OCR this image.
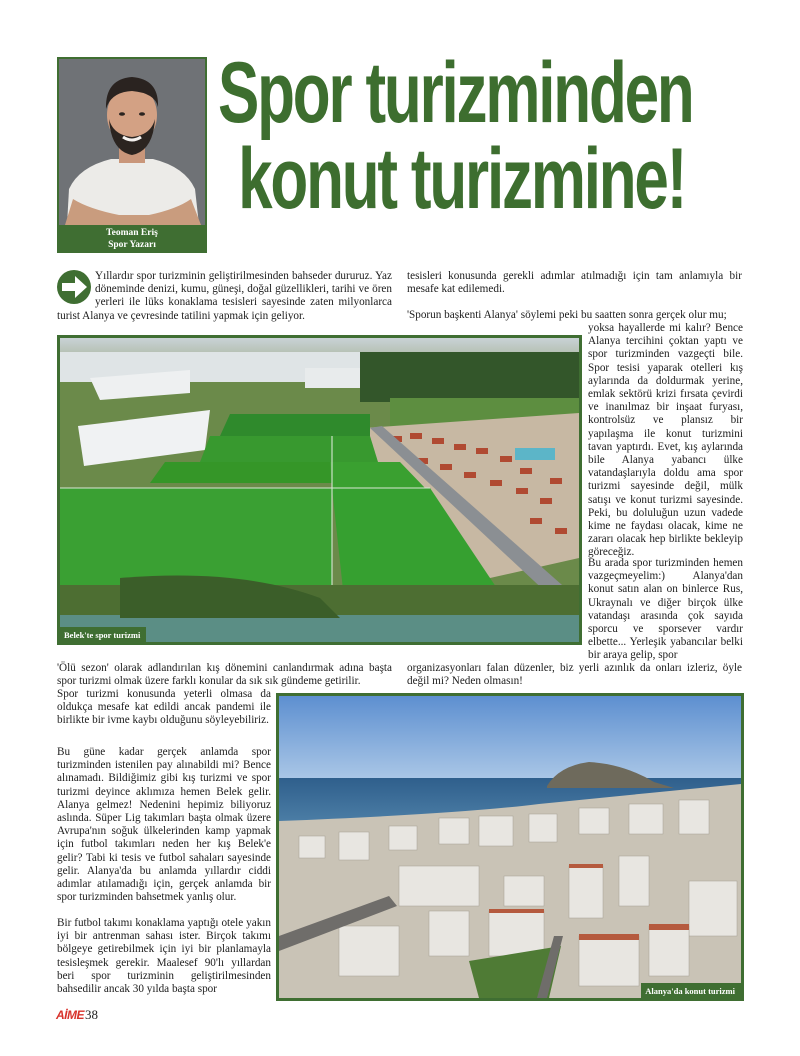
Teoman Eriş
Spor Yazarı
Spor turizminden
konut turizmine!

Yıllardır spor turizminin geliştirilmesinden bahseder dururuz. Yaz döneminde denizi, kumu, güneşi, doğal güzellikleri, tarihi ve ören yerleri ile lüks konaklama tesisleri sayesinde zaten milyonlarca turist Alanya ve çevresinde tatilini yapmak için geliyor.

tesisleri konusunda gerekli adımlar atılmadığı için tam anlamıyla bir mesafe kat edilemedi.

'Sporun başkenti Alanya' söylemi peki bu saatten sonra gerçek olur mu;

yoksa hayallerde mi kalır? Bence Alanya tercihini çoktan yaptı ve spor turizminden vazgeçti bile. Spor tesisi yaparak otelleri kış aylarında da doldurmak yerine, emlak sektörü krizi fırsata çevirdi ve inanılmaz bir inşaat furyası, kontrolsüz ve plansız bir yapılaşma ile konut turizmini tavan yaptırdı. Evet, kış aylarında bile Alanya yabancı ülke vatandaşlarıyla doldu ama spor turizmi sayesinde değil, mülk satışı ve konut turizmi sayesinde. Peki, bu doluluğun uzun vadede kime ne faydası olacak, kime ne zararı olacak hep birlikte bekleyip göreceğiz.

Bu arada spor turizminden hemen vazgeçmeyelim:) Alanya'dan konut satın alan on binlerce Rus, Ukraynalı ve diğer birçok ülke vatandaşı arasında çok sayıda sporcu ve sporsever vardır elbette... Yerleşik yabancılar belki bir araya gelip, spor

organizasyonları falan düzenler, biz yerli azınlık da onları izleriz, öyle değil mi? Neden olmasın!

Belek'te spor turizmi

'Ölü sezon' olarak adlandırılan kış dönemini canlandırmak adına başta spor turizmi olmak üzere farklı konular da sık sık gündeme getirilir.

Spor turizmi konusunda yeterli olmasa da oldukça mesafe kat edildi ancak pandemi ile birlikte bir ivme kaybı olduğunu söyleyebiliriz.

Bu güne kadar gerçek anlamda spor turizminden istenilen pay alınabildi mi? Bence alınamadı. Bildiğimiz gibi kış turizmi ve spor turizmi deyince aklımıza hemen Belek gelir. Alanya gelmez! Nedenini hepimiz biliyoruz aslında. Süper Lig takımları başta olmak üzere Avrupa'nın soğuk ülkelerinden kamp yapmak için futbol takımları neden her kış Belek'e gelir? Tabi ki tesis ve futbol sahaları sayesinde gelir. Alanya'da bu anlamda yıllardır ciddi adımlar atılamadığı için, gerçek anlamda bir spor turizminden bahsetmek yanlış olur.

Bir futbol takımı konaklama yaptığı otele yakın iyi bir antrenman sahası ister. Birçok takımı bölgeye getirebilmek için iyi bir planlamayla tesisleşmek gerekir. Maalesef 90'lı yıllardan beri spor turizminin geliştirilmesinden bahsedilir ancak 30 yılda başta spor	Alanya'da konut turizmi
AİME38
